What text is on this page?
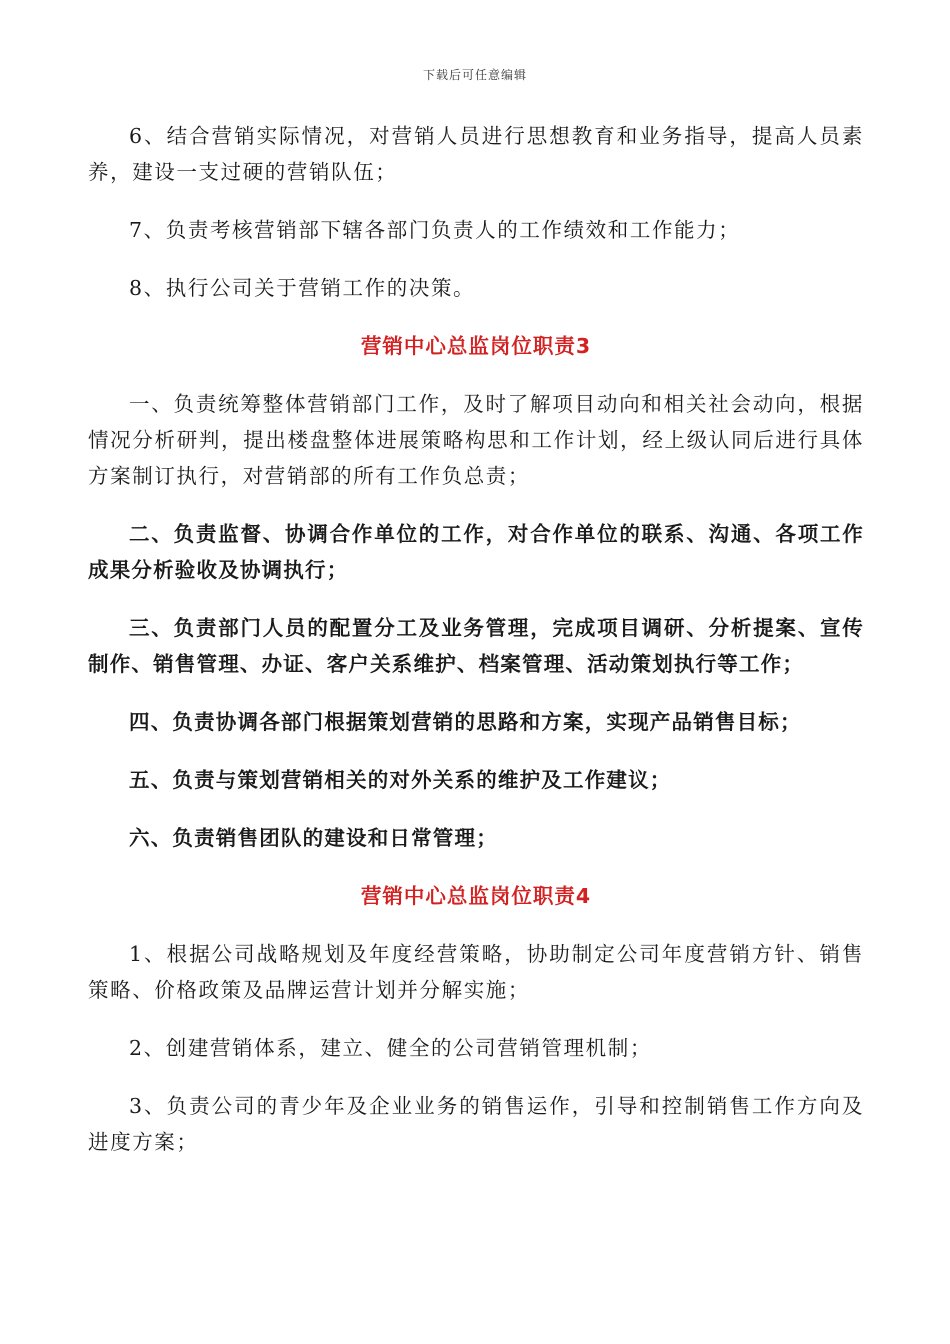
下载后可任意编辑

6、结合营销实际情况，对营销人员进行思想教育和业务指导，提高人员素养，建设一支过硬的营销队伍；

7、负责考核营销部下辖各部门负责人的工作绩效和工作能力；

8、执行公司关于营销工作的决策。

营销中心总监岗位职责3

一、负责统筹整体营销部门工作，及时了解项目动向和相关社会动向，根据情况分析研判，提出楼盘整体进展策略构思和工作计划，经上级认同后进行具体方案制订执行，对营销部的所有工作负总责；

二、负责监督、协调合作单位的工作，对合作单位的联系、沟通、各项工作成果分析验收及协调执行；

三、负责部门人员的配置分工及业务管理，完成项目调研、分析提案、宣传制作、销售管理、办证、客户关系维护、档案管理、活动策划执行等工作；

四、负责协调各部门根据策划营销的思路和方案，实现产品销售目标；

五、负责与策划营销相关的对外关系的维护及工作建议；

六、负责销售团队的建设和日常管理；

营销中心总监岗位职责4

1、根据公司战略规划及年度经营策略，协助制定公司年度营销方针、销售策略、价格政策及品牌运营计划并分解实施；

2、创建营销体系，建立、健全的公司营销管理机制；

3、负责公司的青少年及企业业务的销售运作，引导和控制销售工作方向及进度方案；
